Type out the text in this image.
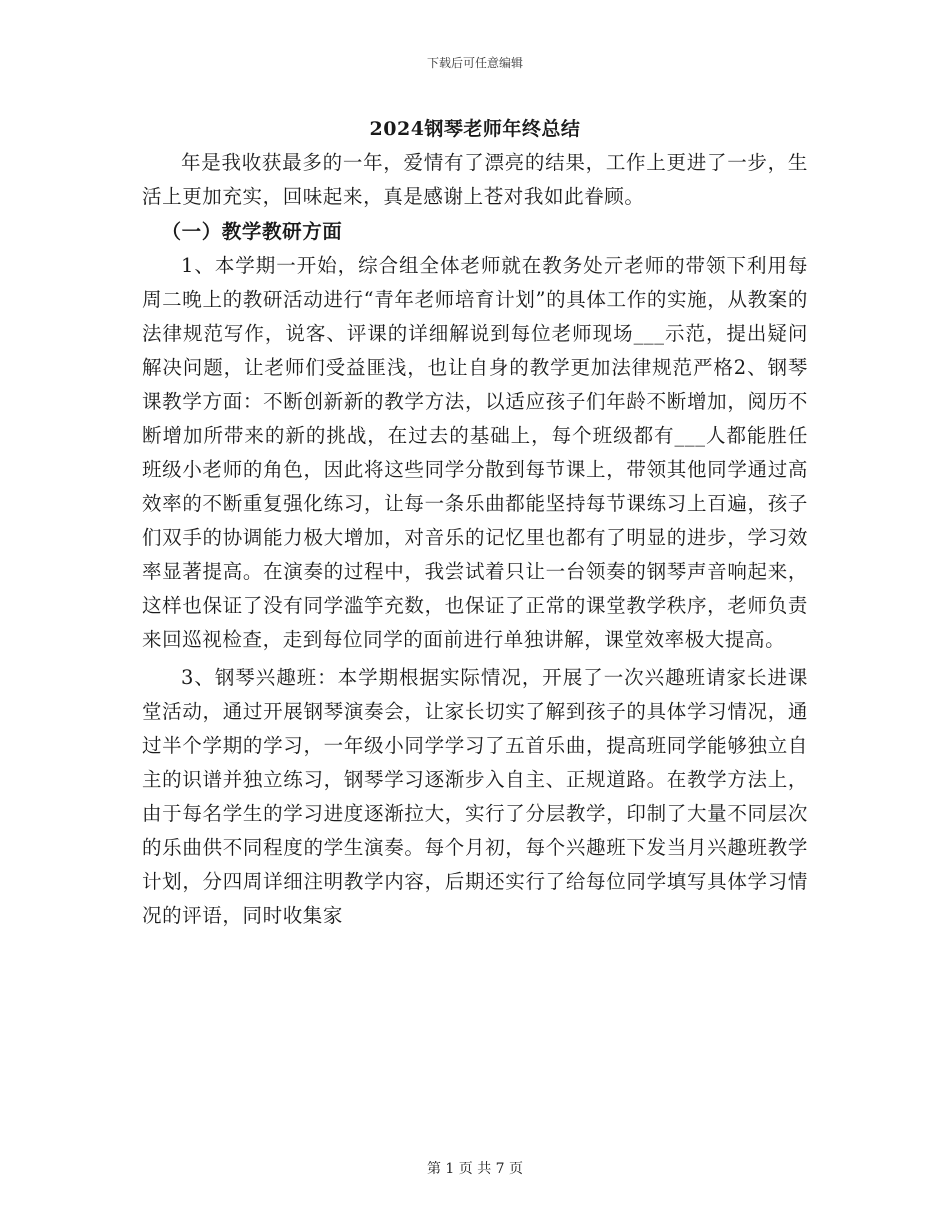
下载后可任意编辑
2024钢琴老师年终总结

年是我收获最多的一年，爱情有了漂亮的结果，工作上更进了一步，生活上更加充实，回味起来，真是感谢上苍对我如此眷顾。

（一）教学教研方面

1、本学期一开始，综合组全体老师就在教务处亓老师的带领下利用每周二晚上的教研活动进行“青年老师培育计划”的具体工作的实施，从教案的法律规范写作，说客、评课的详细解说到每位老师现场___示范，提出疑问解决问题，让老师们受益匪浅，也让自身的教学更加法律规范严格2、钢琴课教学方面：不断创新新的教学方法，以适应孩子们年龄不断增加，阅历不断增加所带来的新的挑战，在过去的基础上，每个班级都有___人都能胜任班级小老师的角色，因此将这些同学分散到每节课上，带领其他同学通过高效率的不断重复强化练习，让每一条乐曲都能坚持每节课练习上百遍，孩子们双手的协调能力极大增加，对音乐的记忆里也都有了明显的进步，学习效率显著提高。在演奏的过程中，我尝试着只让一台领奏的钢琴声音响起来，这样也保证了没有同学滥竽充数，也保证了正常的课堂教学秩序，老师负责来回巡视检查，走到每位同学的面前进行单独讲解，课堂效率极大提高。

3、钢琴兴趣班：本学期根据实际情况，开展了一次兴趣班请家长进课堂活动，通过开展钢琴演奏会，让家长切实了解到孩子的具体学习情况，通过半个学期的学习，一年级小同学学习了五首乐曲，提高班同学能够独立自主的识谱并独立练习，钢琴学习逐渐步入自主、正规道路。在教学方法上，由于每名学生的学习进度逐渐拉大，实行了分层教学，印制了大量不同层次的乐曲供不同程度的学生演奏。每个月初，每个兴趣班下发当月兴趣班教学计划，分四周详细注明教学内容，后期还实行了给每位同学填写具体学习情况的评语，同时收集家

第 1 页 共 7 页
